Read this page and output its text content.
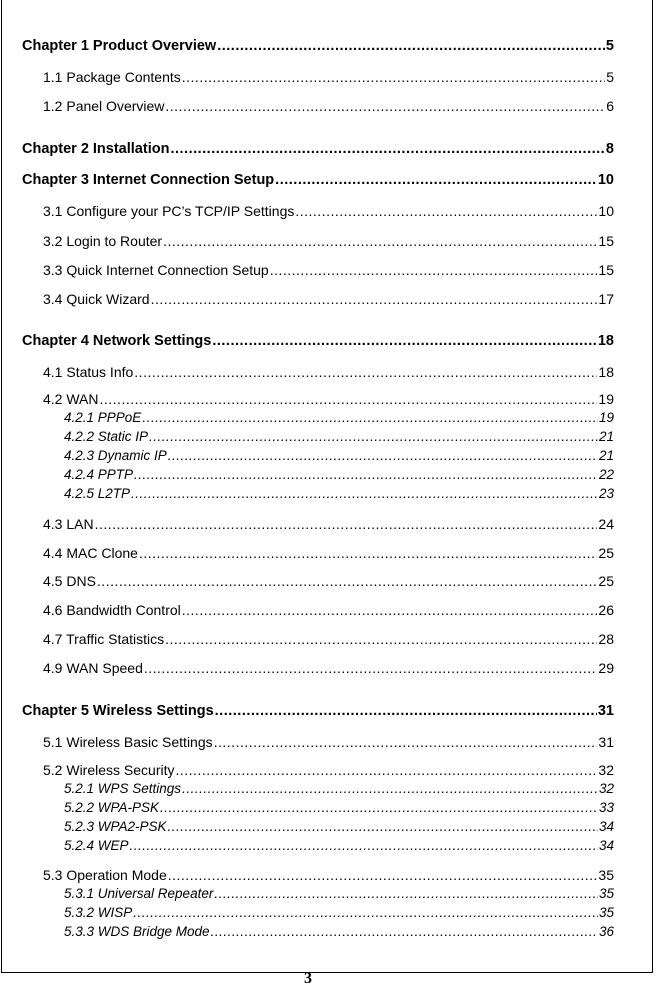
Chapter 1 Product Overview .....	5
1.1 Package Contents .....	5
1.2 Panel Overview .....	6
Chapter 2 Installation .....	8
Chapter 3 Internet Connection Setup .....	10
3.1 Configure your PC’s TCP/IP Settings .....	10
3.2 Login to Router .....	15
3.3 Quick Internet Connection Setup .....	15
3.4 Quick Wizard .....	17
Chapter 4 Network Settings .....	18
4.1 Status Info .....	18
4.2 WAN .....	19
4.2.1 PPPoE .....	19
4.2.2 Static IP .....	21
4.2.3 Dynamic IP .....	21
4.2.4 PPTP .....	22
4.2.5 L2TP .....	23
4.3 LAN .....	24
4.4 MAC Clone .....	25
4.5 DNS .....	25
4.6 Bandwidth Control .....	26
4.7 Traffic Statistics .....	28
4.9 WAN Speed .....	29
Chapter 5 Wireless Settings .....	31
5.1 Wireless Basic Settings .....	31
5.2 Wireless Security .....	32
5.2.1 WPS Settings .....	32
5.2.2 WPA-PSK .....	33
5.2.3 WPA2-PSK .....	34
5.2.4 WEP .....	34
5.3 Operation Mode .....	35
5.3.1 Universal Repeater .....	35
5.3.2 WISP .....	35
5.3.3 WDS Bridge Mode .....	36
3
